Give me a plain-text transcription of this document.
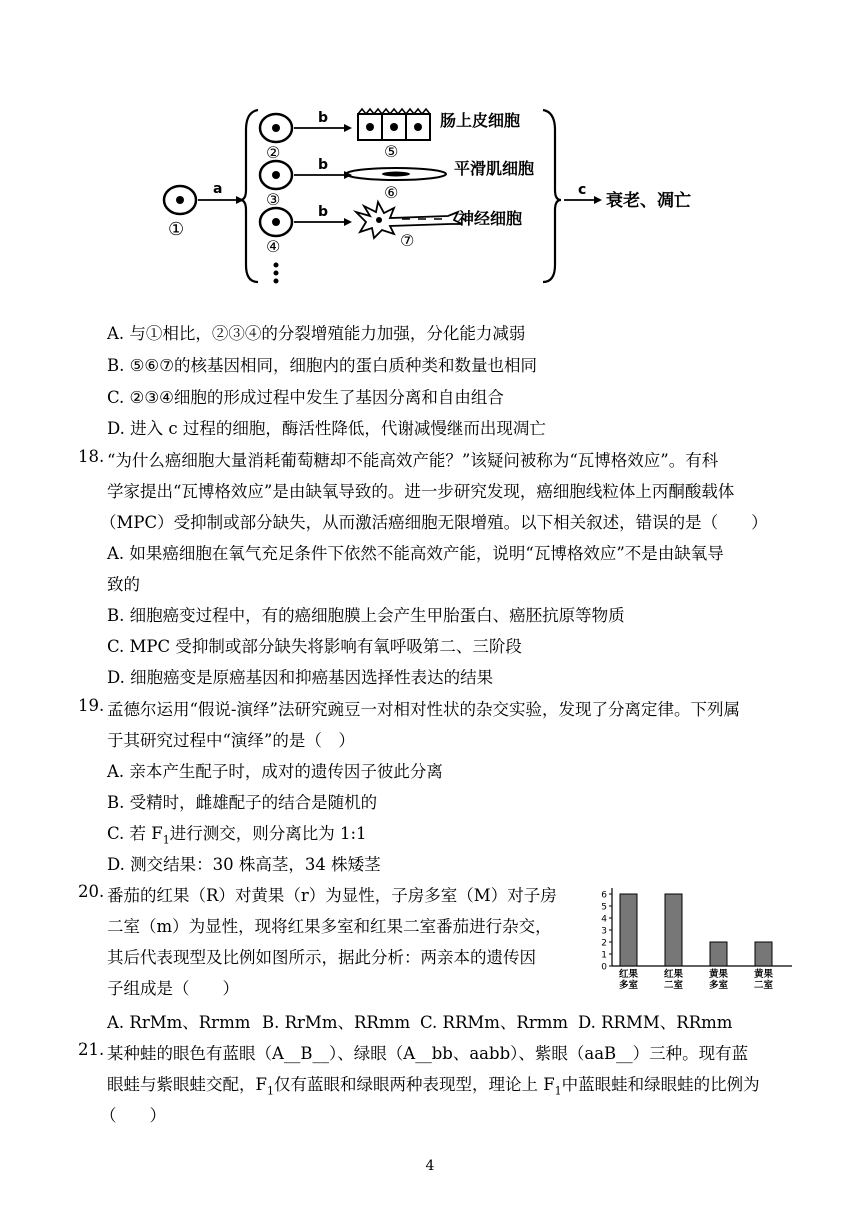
①
a
②
③
④
b
b
b
⑤
肠上皮细胞
⑥
平滑肌细胞
⑦
神经细胞
c
衰老、凋亡
A. 与①相比，②③④的分裂增殖能力加强，分化能力减弱
B. ⑤⑥⑦的核基因相同，细胞内的蛋白质种类和数量也相同
C. ②③④细胞的形成过程中发生了基因分离和自由组合
D. 进入 c 过程的细胞，酶活性降低，代谢减慢继而出现凋亡
18. “为什么癌细胞大量消耗葡萄糖却不能高效产能？”该疑问被称为“瓦博格效应”。有科
学家提出“瓦博格效应”是由缺氧导致的。进一步研究发现，癌细胞线粒体上丙酮酸载体
（MPC）受抑制或部分缺失，从而激活癌细胞无限增殖。以下相关叙述，错误的是（　　）
A. 如果癌细胞在氧气充足条件下依然不能高效产能，说明“瓦博格效应”不是由缺氧导
致的
B. 细胞癌变过程中，有的癌细胞膜上会产生甲胎蛋白、癌胚抗原等物质
C. MPC 受抑制或部分缺失将影响有氧呼吸第二、三阶段
D. 细胞癌变是原癌基因和抑癌基因选择性表达的结果
19. 孟德尔运用“假说-演绎”法研究豌豆一对相对性状的杂交实验，发现了分离定律。下列属
于其研究过程中“演绎”的是（　）
A. 亲本产生配子时，成对的遗传因子彼此分离
B. 受精时，雌雄配子的结合是随机的
C. 若 $F_1$进行测交，则分离比为 1:1
D. 测交结果：30 株高茎，34 株矮茎
20. 番茄的红果（R）对黄果（r）为显性，子房多室（M）对子房
二室（m）为显性，现将红果多室和红果二室番茄进行杂交，
其后代表现型及比例如图所示，据此分析：两亲本的遗传因
子组成是（　　）
A. RrMm、Rrmm B. RrMm、RRmm C. RRMm、Rrmm D. RRMM、RRmm
0
1
2
3
4
5
6
红果
多室
红果
二室
黄果
多室
黄果
二室
21. 某种蛙的眼色有蓝眼（A__B__）、绿眼（A__bb、aabb）、紫眼（aaB__）三种。现有蓝
眼蛙与紫眼蛙交配，$F_1$仅有蓝眼和绿眼两种表现型，理论上 $F_1$中蓝眼蛙和绿眼蛙的比例为
（　　）
4
